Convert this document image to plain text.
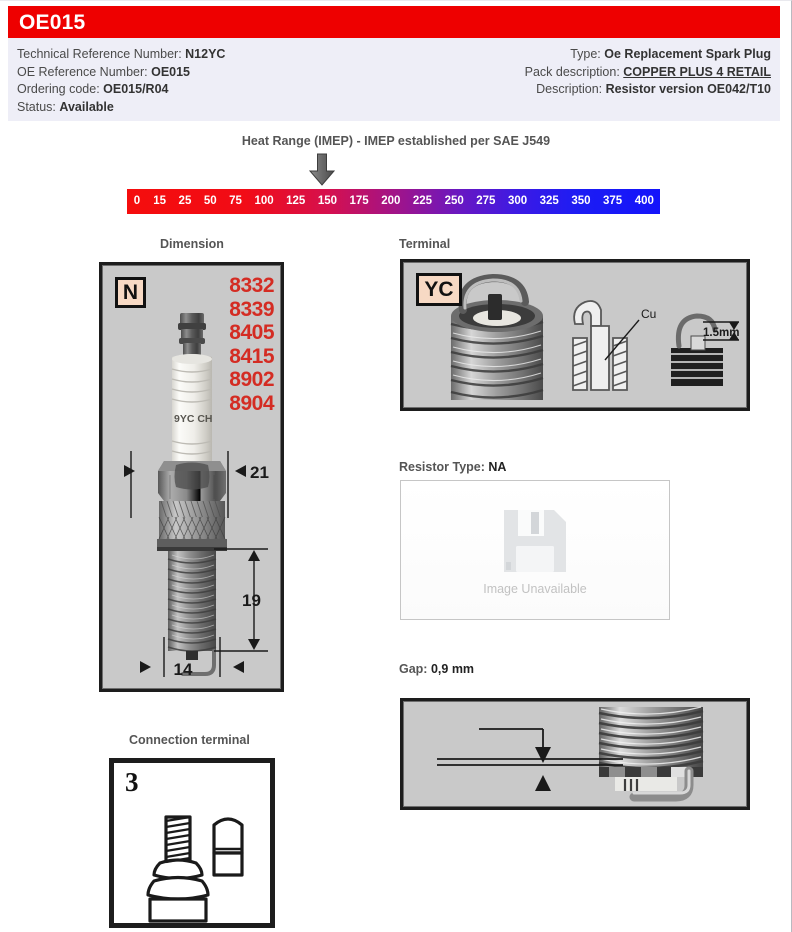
OE015
Technical Reference Number: N12YC
OE Reference Number: OE015
Ordering code: OE015/R04
Status: Available
Type: Oe Replacement Spark Plug
Pack description: COPPER PLUS 4 RETAIL
Description: Resistor version OE042/T10
Heat Range (IMEP) - IMEP established per SAE J549
0	15	25	50	75	100	125	150	175	200	225	250	275	300	325	350	375	400
Dimension
9YC CH
21
19
14
N	8332
8339
8405
8415
8902
8904
Connection terminal
3
Terminal
Cu
1.5mm
YC
Resistor Type: NA
Image Unavailable
Gap: 0,9 mm
